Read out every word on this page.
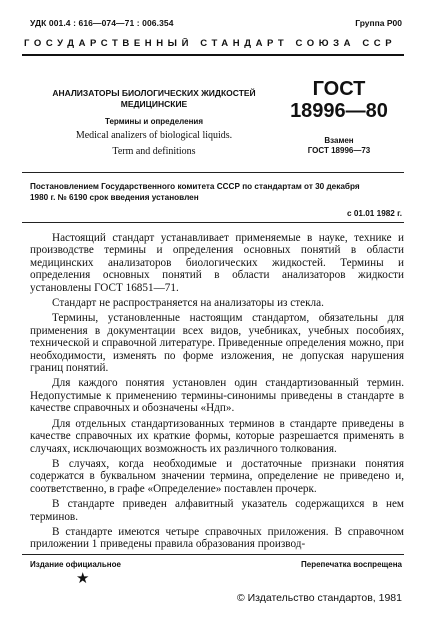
УДК 001.4 : 616—074—71 : 006.354	Группа Р00
ГОСУДАРСТВЕННЫЙ СТАНДАРТ СОЮЗА ССР
АНАЛИЗАТОРЫ БИОЛОГИЧЕСКИХ ЖИДКОСТЕЙ
МЕДИЦИНСКИЕ
Термины и определения
Medical analizers of biological liquids.
Term and definitions
ГОСТ
18996—80
Взамен
ГОСТ 18996—73
Постановлением Государственного комитета СССР по стандартам от 30 декабря
1980 г. № 6190 срок введения установлен
с 01.01 1982 г.

Настоящий стандарт устанавливает применяемые в науке, технике и производстве термины и определения основных понятий в области медицинских анализаторов биологических жидкостей. Термины и определения основных понятий в области анализаторов жидкости установлены ГОСТ 16851—71.

Стандарт не распространяется на анализаторы из стекла.

Термины, установленные настоящим стандартом, обязательны для применения в документации всех видов, учебниках, учебных пособиях, технической и справочной литературе. Приведенные определения можно, при необходимости, изменять по форме изложения, не допуская нарушения границ понятий.

Для каждого понятия установлен один стандартизованный термин. Недопустимые к применению термины-синонимы приведены в стандарте в качестве справочных и обозначены «Ндп».

Для отдельных стандартизованных терминов в стандарте приведены в качестве справочных их краткие формы, которые разрешается применять в случаях, исключающих возможность их различного толкования.

В случаях, когда необходимые и достаточные признаки понятия содержатся в буквальном значении термина, определение не приведено и, соответственно, в графе «Определение» поставлен прочерк.

В стандарте приведен алфавитный указатель содержащихся в нем терминов.

В стандарте имеются четыре справочных приложения. В справочном приложении 1 приведены правила образования производ-

Издание официальное	Перепечатка воспрещена
★
© Издательство стандартов, 1981
